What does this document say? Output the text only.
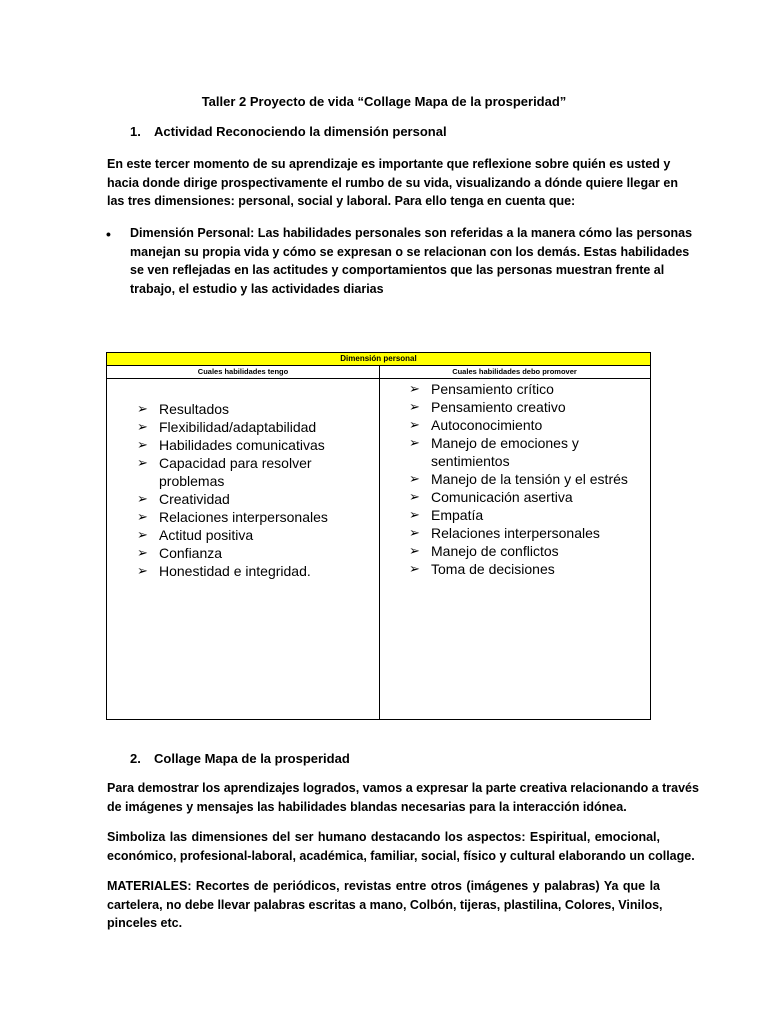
Taller 2 Proyecto de vida “Collage Mapa de la prosperidad”
1. Actividad Reconociendo la dimensión personal
En este tercer momento de su aprendizaje es importante que reflexione sobre quién es usted y
hacia donde dirige prospectivamente el rumbo de su vida, visualizando a dónde quiere llegar en
las tres dimensiones: personal, social y laboral. Para ello tenga en cuenta que:
• Dimensión Personal: Las habilidades personales son referidas a la manera cómo las personas
manejan su propia vida y cómo se expresan o se relacionan con los demás. Estas habilidades
se ven reflejadas en las actitudes y comportamientos que las personas muestran frente al
trabajo, el estudio y las actividades diarias
Dimensión personal
Cuales habilidades tengo	Cuales habilidades debo promover
➢ Resultados
➢ Flexibilidad/adaptabilidad
➢ Habilidades comunicativas
➢ Capacidad para resolver problemas
➢ Creatividad
➢ Relaciones interpersonales
➢ Actitud positiva
➢ Confianza
➢ Honestidad e integridad.
➢ Pensamiento crítico
➢ Pensamiento creativo
➢ Autoconocimiento
➢ Manejo de emociones y sentimientos
➢ Manejo de la tensión y el estrés
➢ Comunicación asertiva
➢ Empatía
➢ Relaciones interpersonales
➢ Manejo de conflictos
➢ Toma de decisiones
2. Collage Mapa de la prosperidad
Para demostrar los aprendizajes logrados, vamos a expresar la parte creativa relacionando a través
de imágenes y mensajes las habilidades blandas necesarias para la interacción idónea.
Simboliza las dimensiones del ser humano destacando los aspectos: Espiritual, emocional,
económico, profesional-laboral, académica, familiar, social, físico y cultural elaborando un collage.
MATERIALES: Recortes de periódicos, revistas entre otros (imágenes y palabras) Ya que la
cartelera, no debe llevar palabras escritas a mano, Colbón, tijeras, plastilina, Colores, Vinilos,
pinceles etc.
